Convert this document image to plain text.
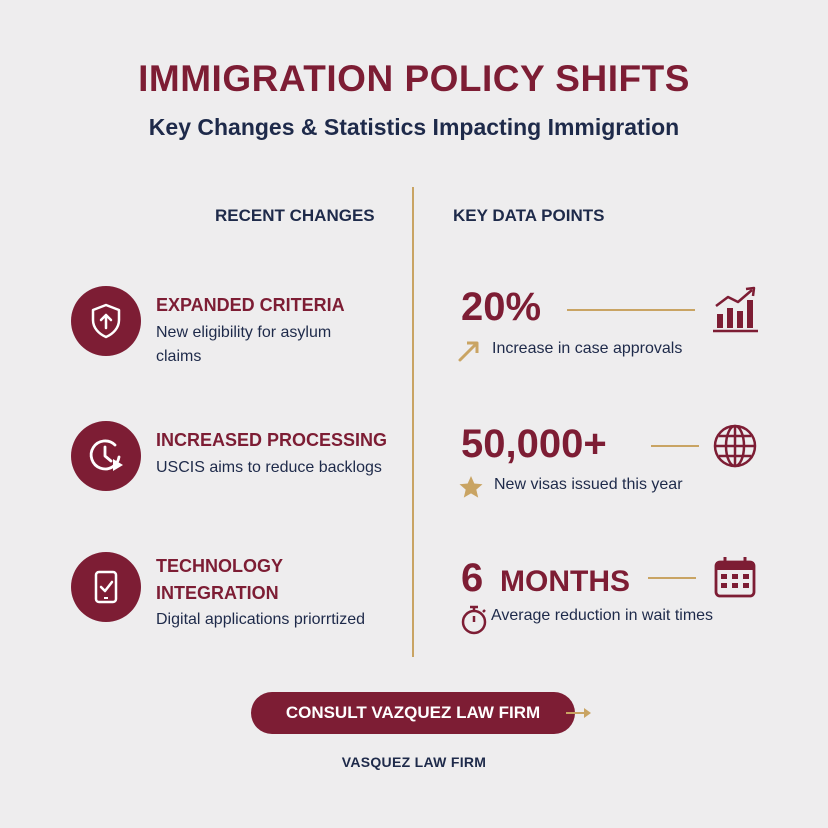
IMMIGRATION POLICY SHIFTS
Key Changes & Statistics Impacting Immigration
RECENT CHANGES	KEY DATA POINTS
EXPANDED CRITERIA
New eligibility for asylum claims
INCREASED PROCESSING
USCIS aims to reduce backlogs
TECHNOLOGY
INTEGRATION
Digital applications priorrtized
20%
Increase in case approvals
50,000+
New visas issued this year
6 MONTHS
Average reduction in wait times
CONSULT VAZQUEZ LAW FIRM
VASQUEZ LAW FIRM
